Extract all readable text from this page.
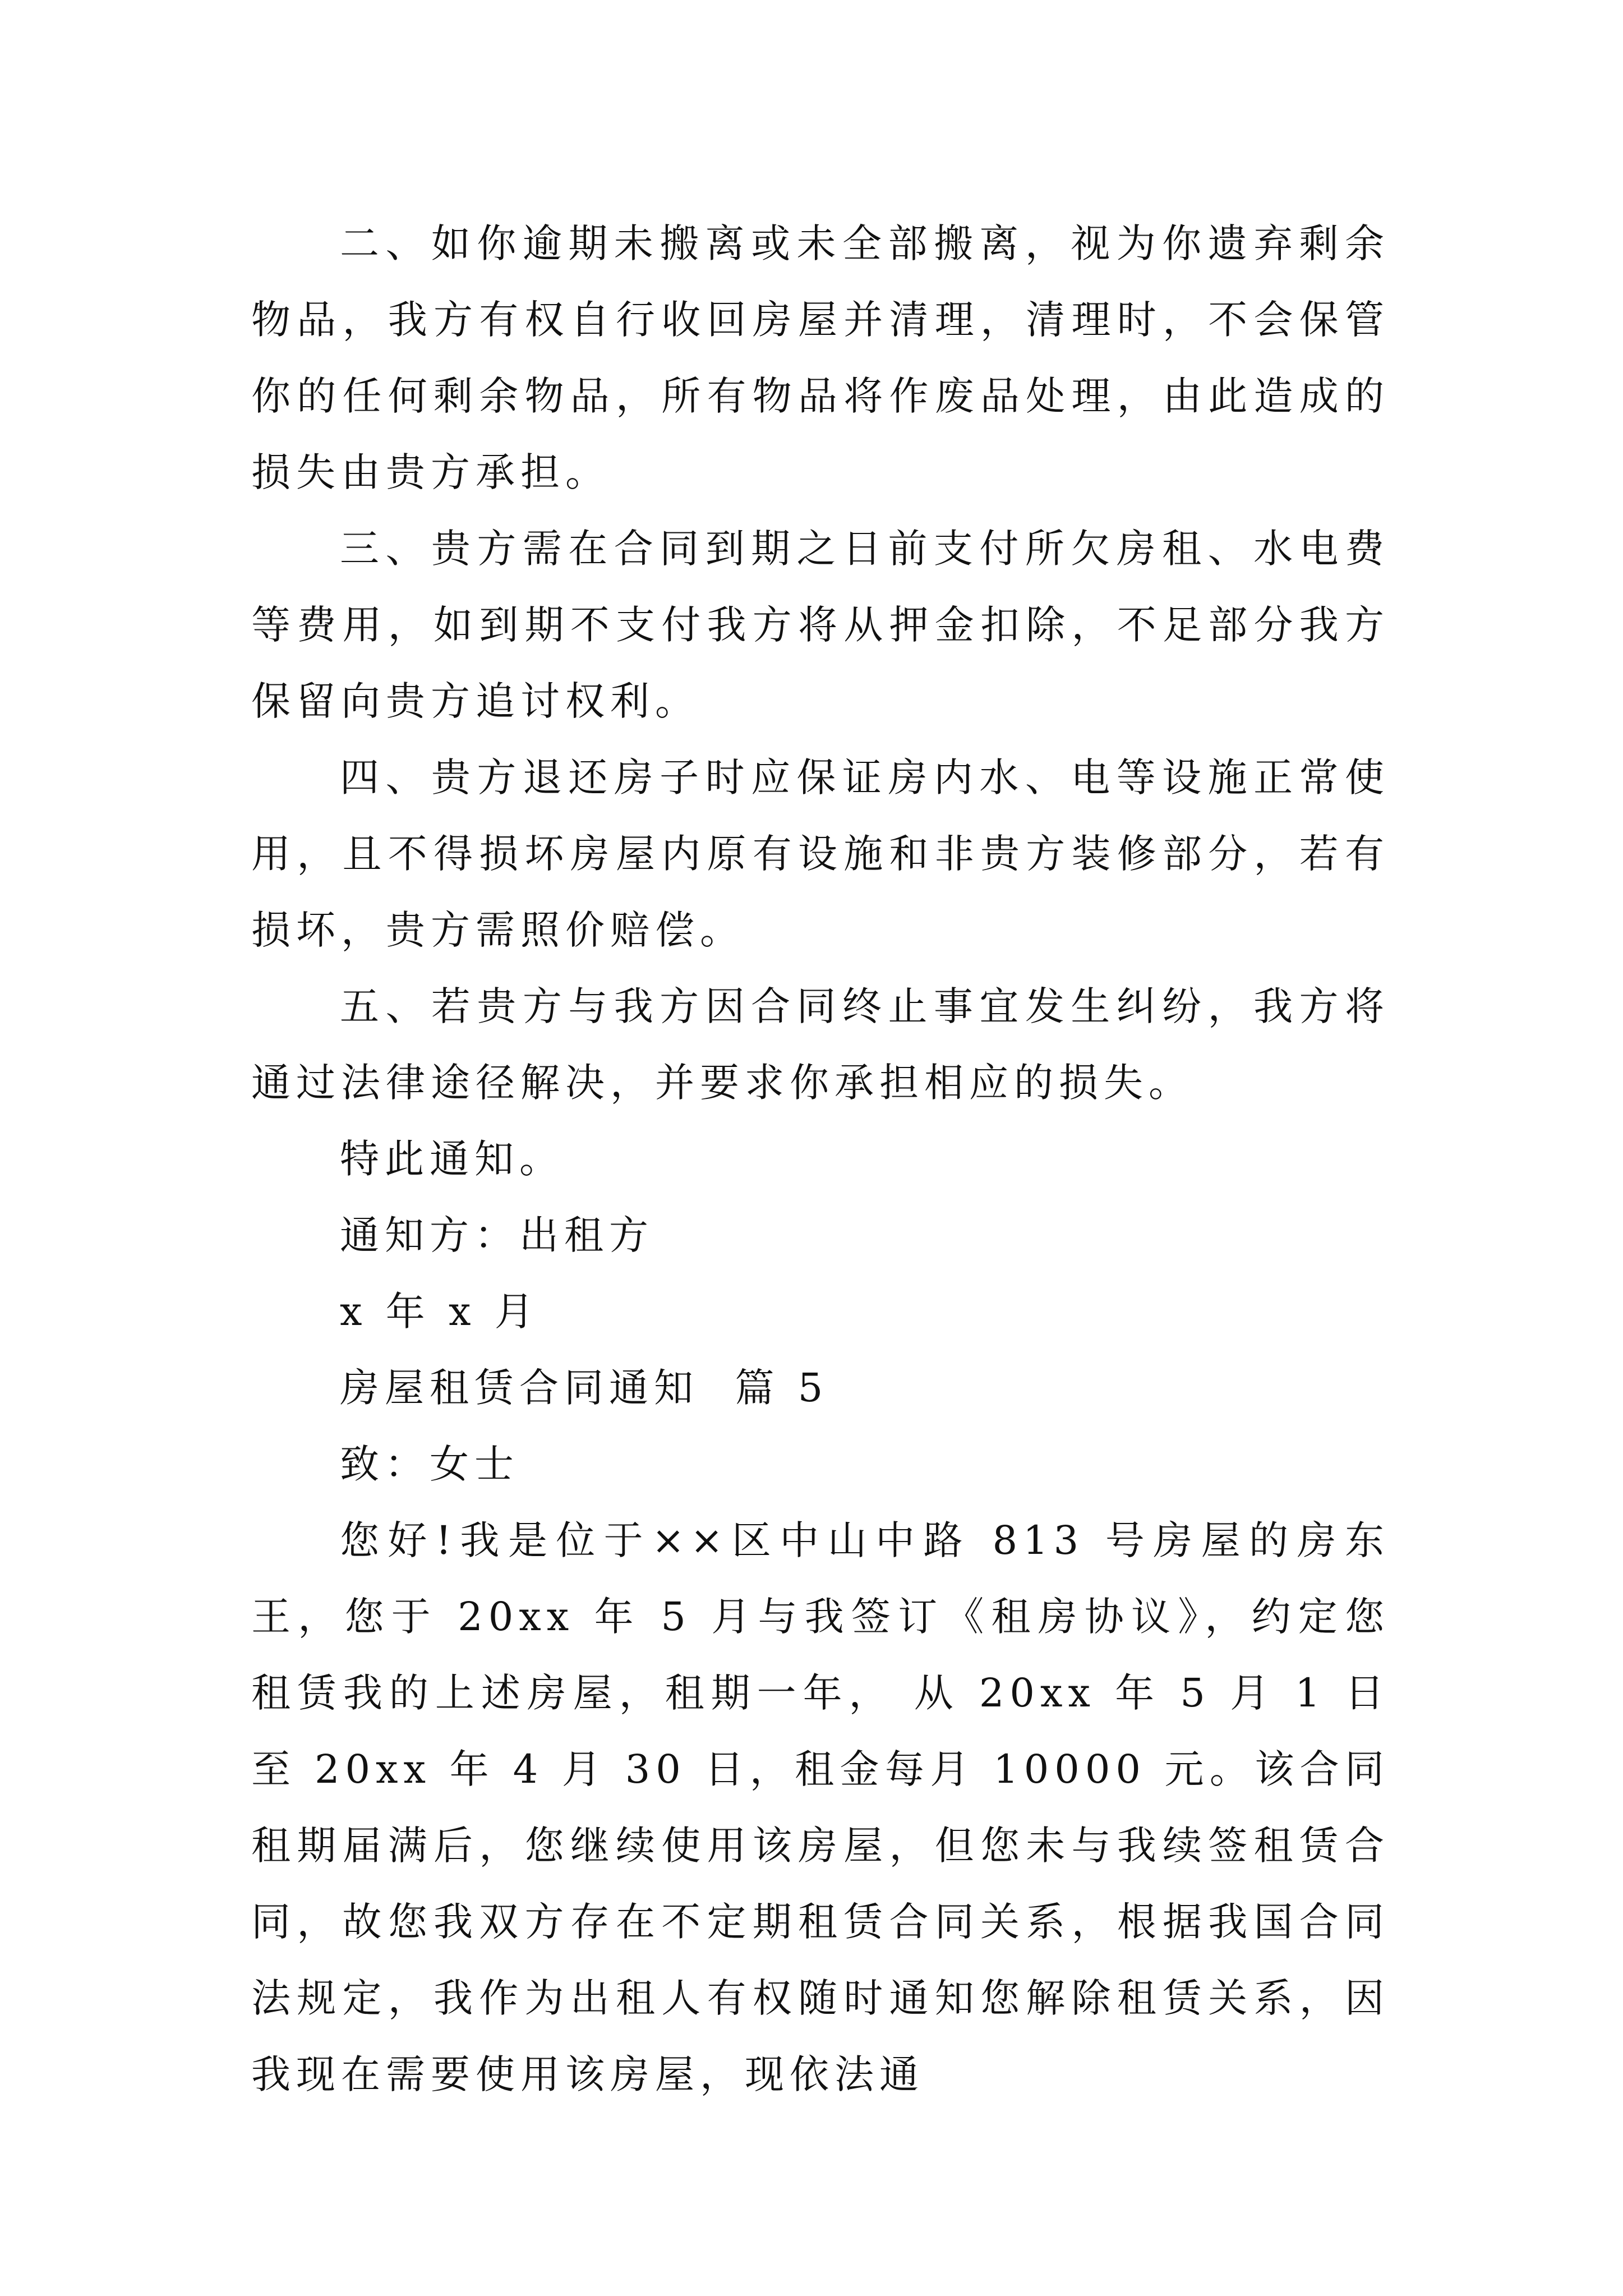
二、如你逾期未搬离或未全部搬离，视为你遗弃剩余物品，我方有权自行收回房屋并清理，清理时，不会保管你的任何剩余物品，所有物品将作废品处理，由此造成的损失由贵方承担。

三、贵方需在合同到期之日前支付所欠房租、水电费等费用，如到期不支付我方将从押金扣除，不足部分我方保留向贵方追讨权利。

四、贵方退还房子时应保证房内水、电等设施正常使用，且不得损坏房屋内原有设施和非贵方装修部分，若有损坏，贵方需照价赔偿。

五、若贵方与我方因合同终止事宜发生纠纷，我方将通过法律途径解决，并要求你承担相应的损失。

特此通知。

通知方：出租方

x 年 x 月

房屋租赁合同通知  篇 5

致：女士

您好!我是位于××区中山中路 813 号房屋的房东王，您于 20xx 年 5 月与我签订《租房协议》，约定您租赁我的上述房屋，租期一年， 从 20xx 年 5 月 1 日至 20xx 年 4 月 30 日，租金每月 10000 元。该合同租期届满后，您继续使用该房屋，但您未与我续签租赁合同，故您我双方存在不定期租赁合同关系，根据我国合同法规定，我作为出租人有权随时通知您解除租赁关系，因我现在需要使用该房屋，现依法通
